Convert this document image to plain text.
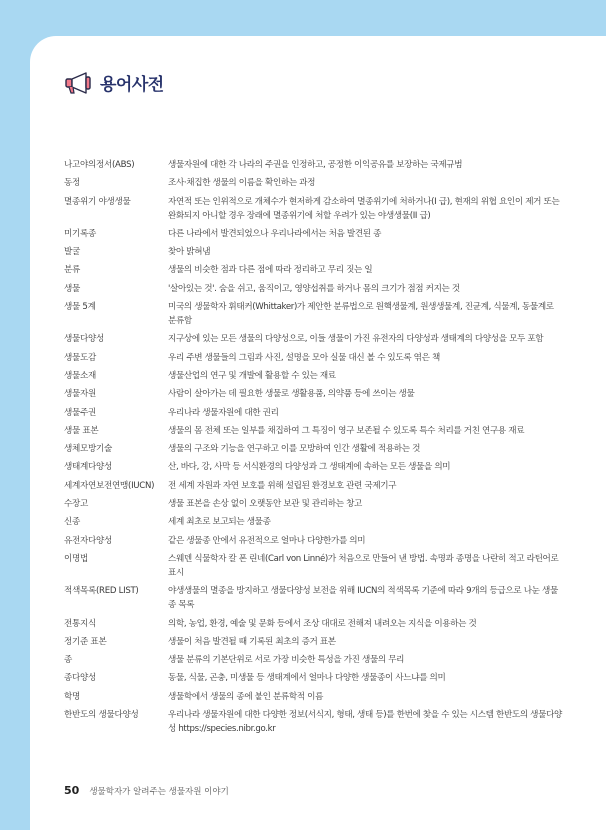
용어사전
나고야의정서(ABS)	생물자원에 대한 각 나라의 주권을 인정하고, 공정한 이익공유를 보장하는 국제규범
동정	조사·채집한 생물의 이름을 확인하는 과정
멸종위기 야생생물	자연적 또는 인위적으로 개체수가 현저하게 감소하여 멸종위기에 처하거나(I 급), 현재의 위협 요인이 제거 또는 완화되지 아니할 경우 장래에 멸종위기에 처할 우려가 있는 야생생물(II 급)
미기록종	다른 나라에서 발견되었으나 우리나라에서는 처음 발견된 종
발굴	찾아 밝혀냄
분류	생물의 비슷한 점과 다른 점에 따라 정리하고 무리 짓는 일
생물	'살아있는 것'. 숨을 쉬고, 움직이고, 영양섭취를 하거나 몸의 크기가 점점 커지는 것
생물 5계	미국의 생물학자 휘태커(Whittaker)가 제안한 분류법으로 원핵생물계, 원생생물계, 진균계, 식물계, 동물계로 분류함
생물다양성	지구상에 있는 모든 생물의 다양성으로, 이들 생물이 가진 유전자의 다양성과 생태계의 다양성을 모두 포함
생물도감	우리 주변 생물들의 그림과 사진, 설명을 모아 실물 대신 볼 수 있도록 엮은 책
생물소재	생물산업의 연구 및 개발에 활용할 수 있는 재료
생물자원	사람이 살아가는 데 필요한 생물로 생활용품, 의약품 등에 쓰이는 생물
생물주권	우리나라 생물자원에 대한 권리
생물 표본	생물의 몸 전체 또는 일부를 채집하여 그 특징이 영구 보존될 수 있도록 특수 처리를 거친 연구용 재료
생체모방기술	생물의 구조와 기능을 연구하고 이를 모방하여 인간 생활에 적용하는 것
생태계다양성	산, 바다, 강, 사막 등 서식환경의 다양성과 그 생태계에 속하는 모든 생물을 의미
세계자연보전연맹(IUCN)	전 세계 자원과 자연 보호를 위해 설립된 환경보호 관련 국제기구
수장고	생물 표본을 손상 없이 오랫동안 보관 및 관리하는 창고
신종	세계 최초로 보고되는 생물종
유전자다양성	같은 생물종 안에서 유전적으로 얼마나 다양한가를 의미
이명법	스웨덴 식물학자 칼 폰 린네(Carl von Linné)가 처음으로 만들어 낸 방법. 속명과 종명을 나란히 적고 라틴어로 표시
적색목록(RED LIST)	야생생물의 멸종을 방지하고 생물다양성 보전을 위해 IUCN의 적색목록 기준에 따라 9개의 등급으로 나눈 생물종 목록
전통지식	의학, 농업, 환경, 예술 및 문화 등에서 조상 대대로 전해져 내려오는 지식을 이용하는 것
정기준 표본	생물이 처음 발견될 때 기록된 최초의 증거 표본
종	생물 분류의 기본단위로 서로 가장 비슷한 특성을 가진 생물의 무리
종다양성	동물, 식물, 곤충, 미생물 등 생태계에서 얼마나 다양한 생물종이 사느냐를 의미
학명	생물학에서 생물의 종에 붙인 분류학적 이름
한반도의 생물다양성	우리나라 생물자원에 대한 다양한 정보(서식지, 형태, 생태 등)를 한번에 찾을 수 있는 시스템 한반도의 생물다양성 https://species.nibr.go.kr
50 생물학자가 알려주는 생물자원 이야기
